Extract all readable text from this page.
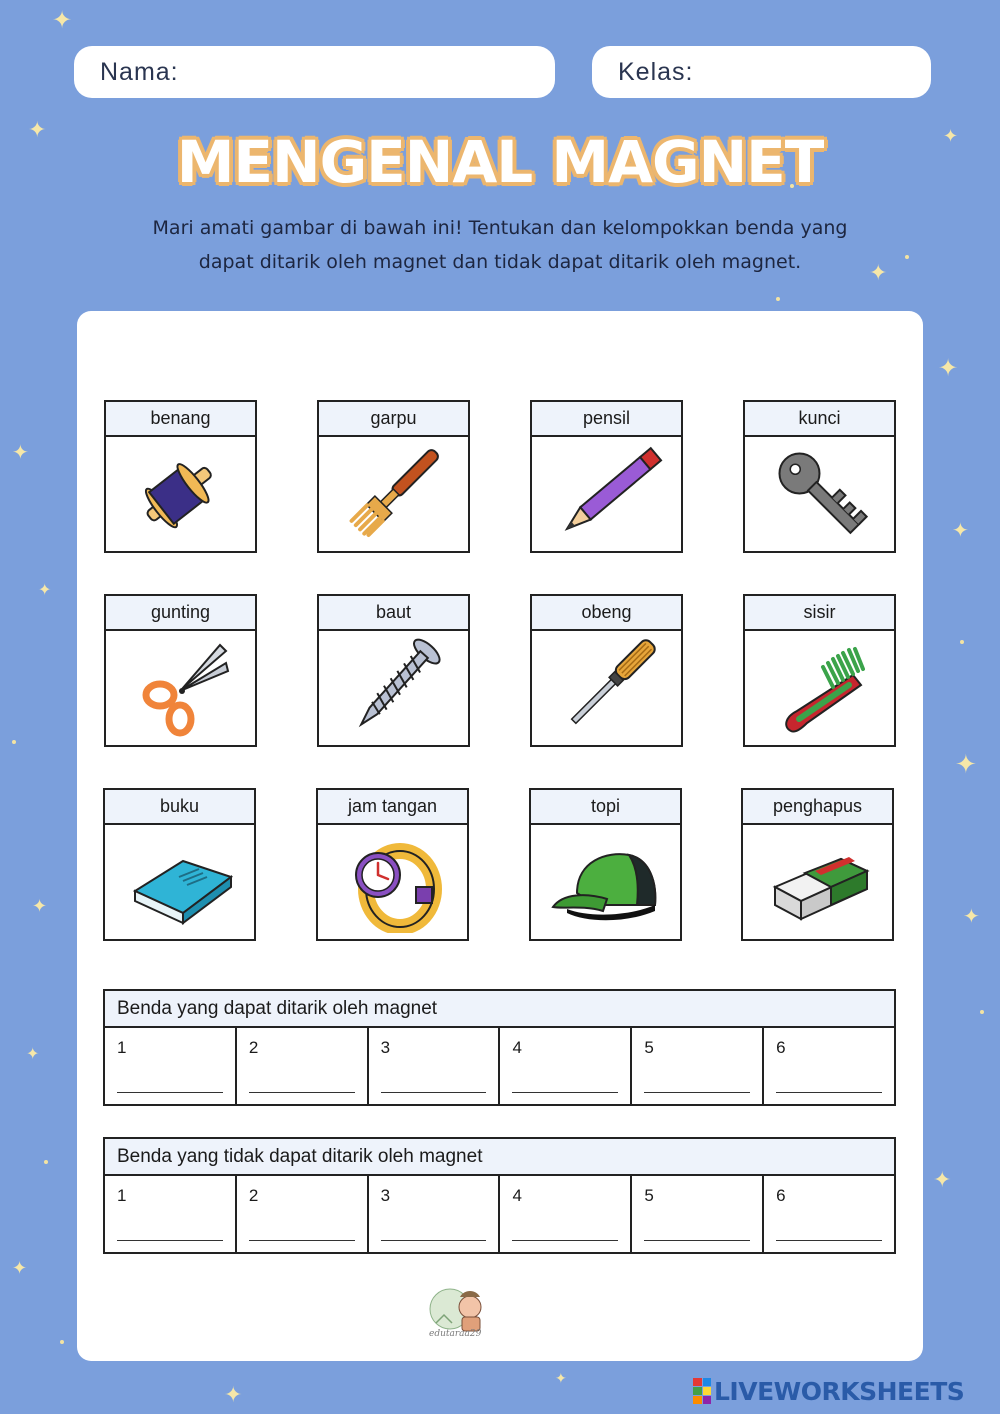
✦
✦	✦
✦
✦
✦
✦
✦
✦
✦	✦
✦
✦
✦
✦
✦
Nama:	Kelas:
MENGENAL MAGNET
Mari amati gambar di bawah ini! Tentukan dan kelompokkan benda yang
dapat ditarik oleh magnet dan tidak dapat ditarik oleh magnet.
benang	garpu	pensil	kunci
gunting	baut	obeng	sisir
buku	jam tangan	topi	penghapus
Benda yang dapat ditarik oleh magnet
1	2	3	4	5	6
Benda yang tidak dapat ditarik oleh magnet
1	2	3	4	5	6
edutaraa29
LIVEWORKSHEETS
